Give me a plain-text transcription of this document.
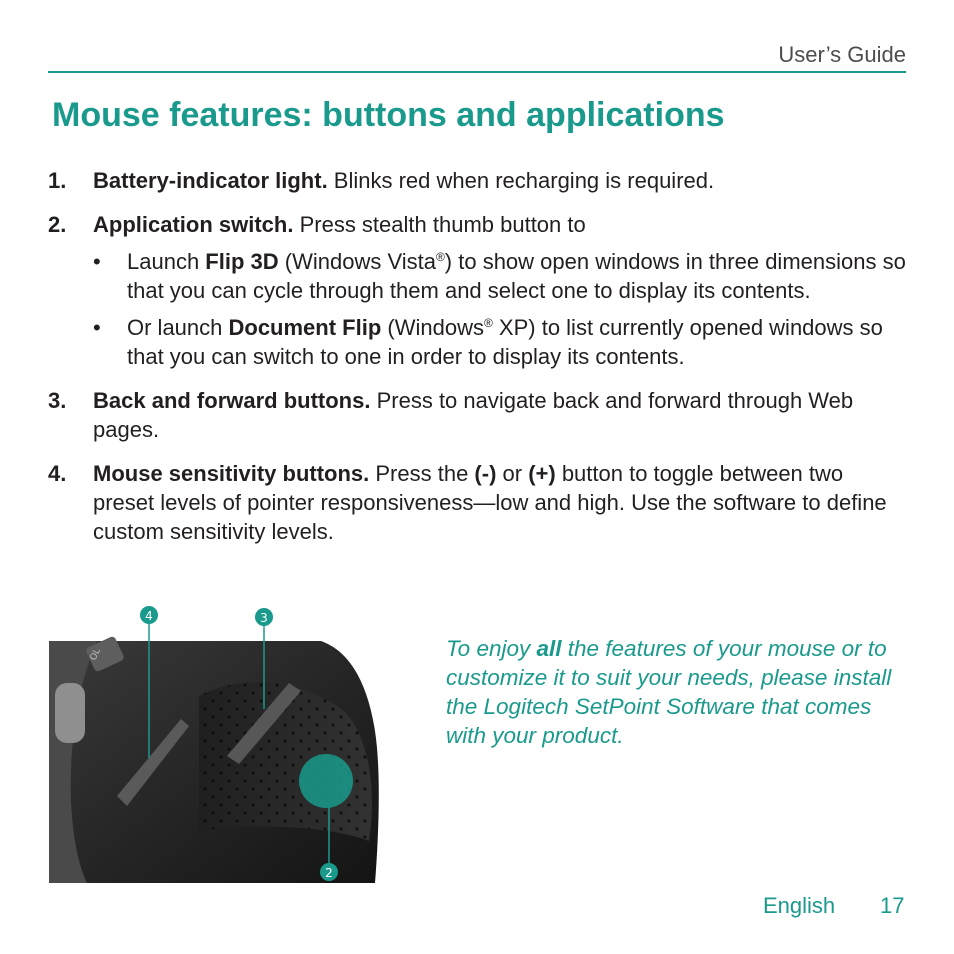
User’s Guide
Mouse features: buttons and applications
1. Battery-indicator light. Blinks red when recharging is required.
2. Application switch. Press stealth thumb button to
• Launch Flip 3D (Windows Vista®) to show open windows in three dimensions so that you can cycle through them and select one to display its contents.
• Or launch Document Flip (Windows® XP) to list currently opened windows so that you can switch to one in order to display its contents.
3. Back and forward buttons. Press to navigate back and forward through Web pages.
4. Mouse sensitivity buttons. Press the (-) or (+) button to toggle between two preset levels of pointer responsiveness—low and high. Use the software to define custom sensitivity levels.
OL
4	3
2
To enjoy all the features of your mouse or to customize it to suit your needs, please install the Logitech SetPoint Software that comes with your product.
English 17
